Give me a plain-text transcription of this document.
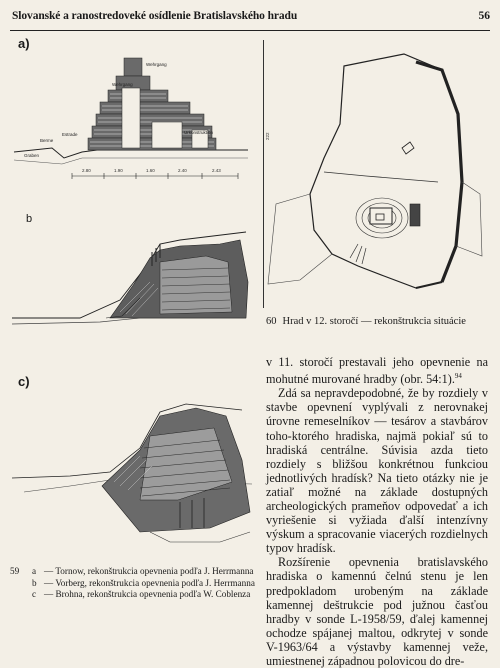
Slovanské a ranostredoveké osídlenie Bratislavského hradu	56
a)
Wehrgang
Wehrgang
Urkonstruktion
Graben
Berme
Estrade
2.80	1.90	1.60	2.40	2.43
b
222
60 Hrad v 12. storočí — rekonštrukcia situácie
c)
59	a — Tornow, rekonštrukcia opevnenia podľa J. Herrmanna
b — Vorberg, rekonštrukcia opevnenia podľa J. Herrmanna
c — Brohna, rekonštrukcia opevnenia podľa W. Coblenza

v 11. storočí prestavali jeho opevnenie na mohutné murované hradby (obr. 54:1).$^{94}$

Zdá sa nepravdepodobné, že by rozdiely v stavbe opevnení vyplývali z nerovnakej úrovne remeselníkov — tesárov a stavbárov toho-ktorého hradiska, najmä pokiaľ sú to hradiská centrálne. Súvisia azda tieto rozdiely s bližšou konkrétnou funkciou jednotlivých hradísk? Na tieto otázky nie je zatiaľ možné na základe dostupných archeologických prameňov odpovedať a ich vyriešenie si vyžiada ďalší intenzívny výskum a spracovanie viacerých rozdielnych typov hradísk.

Rozšírenie opevnenia bratislavského hradiska o kamennú čelnú stenu je len predpokladom urobeným na základe kamennej deštrukcie pod južnou časťou hradby v sonde L-1958/59, ďalej kamennej ochodze spájanej maltou, odkrytej v sonde V-1963/64 a výstavby kamennej veže, umiestnenej západnou polovicou do dre-
